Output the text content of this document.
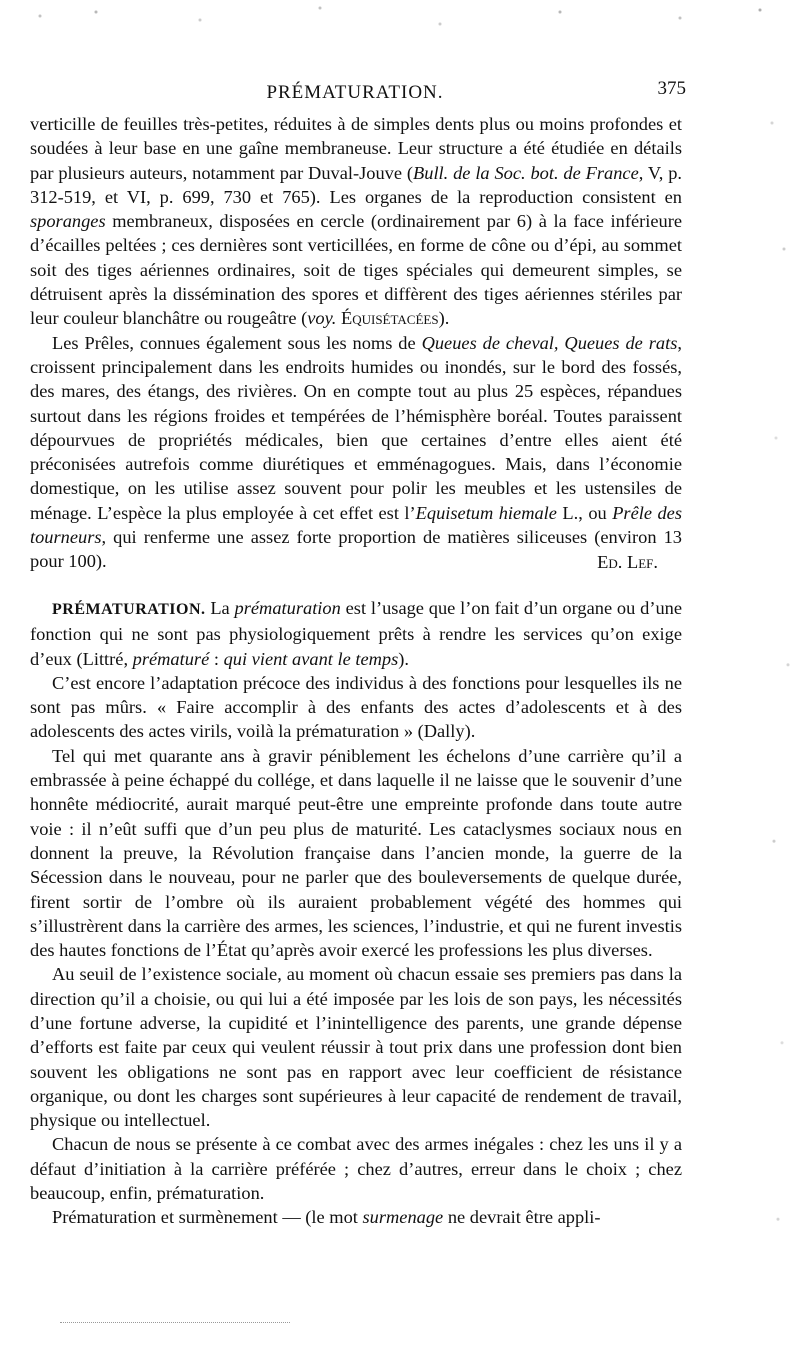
PRÉMATURATION.	375

verticille de feuilles très-petites, réduites à de simples dents plus ou moins profondes et soudées à leur base en une gaîne membraneuse. Leur structure a été étudiée en détails par plusieurs auteurs, notamment par Duval-Jouve (Bull. de la Soc. bot. de France, V, p. 312-519, et VI, p. 699, 730 et 765). Les organes de la reproduction consistent en sporanges membraneux, disposées en cercle (ordinairement par 6) à la face inférieure d’écailles peltées ; ces dernières sont verticillées, en forme de cône ou d’épi, au sommet soit des tiges aériennes ordinaires, soit de tiges spéciales qui demeurent simples, se détruisent après la dissémination des spores et diffèrent des tiges aériennes stériles par leur couleur blanchâtre ou rougeâtre (voy. Équisétacées).

Les Prêles, connues également sous les noms de Queues de cheval, Queues de rats, croissent principalement dans les endroits humides ou inondés, sur le bord des fossés, des mares, des étangs, des rivières. On en compte tout au plus 25 espèces, répandues surtout dans les régions froides et tempérées de l’hémisphère boréal. Toutes paraissent dépourvues de propriétés médicales, bien que certaines d’entre elles aient été préconisées autrefois comme diurétiques et emménagogues. Mais, dans l’économie domestique, on les utilise assez souvent pour polir les meubles et les ustensiles de ménage. L’espèce la plus employée à cet effet est l’Equisetum hiemale L., ou Prêle des tourneurs, qui renferme une assez forte proportion de matières siliceuses (environ 13 pour 100).	Ed. Lef.

PRÉMATURATION. La prématuration est l’usage que l’on fait d’un organe ou d’une fonction qui ne sont pas physiologiquement prêts à rendre les services qu’on exige d’eux (Littré, prématuré : qui vient avant le temps).

C’est encore l’adaptation précoce des individus à des fonctions pour lesquelles ils ne sont pas mûrs. « Faire accomplir à des enfants des actes d’adolescents et à des adolescents des actes virils, voilà la prématuration » (Dally).

Tel qui met quarante ans à gravir péniblement les échelons d’une carrière qu’il a embrassée à peine échappé du collége, et dans laquelle il ne laisse que le souvenir d’une honnête médiocrité, aurait marqué peut-être une empreinte profonde dans toute autre voie : il n’eût suffi que d’un peu plus de maturité. Les cataclysmes sociaux nous en donnent la preuve, la Révolution française dans l’ancien monde, la guerre de la Sécession dans le nouveau, pour ne parler que des bouleversements de quelque durée, firent sortir de l’ombre où ils auraient probablement végété des hommes qui s’illustrèrent dans la carrière des armes, les sciences, l’industrie, et qui ne furent investis des hautes fonctions de l’État qu’après avoir exercé les professions les plus diverses.

Au seuil de l’existence sociale, au moment où chacun essaie ses premiers pas dans la direction qu’il a choisie, ou qui lui a été imposée par les lois de son pays, les nécessités d’une fortune adverse, la cupidité et l’inintelligence des parents, une grande dépense d’efforts est faite par ceux qui veulent réussir à tout prix dans une profession dont bien souvent les obligations ne sont pas en rapport avec leur coefficient de résistance organique, ou dont les charges sont supérieures à leur capacité de rendement de travail, physique ou intellectuel.

Chacun de nous se présente à ce combat avec des armes inégales : chez les uns il y a défaut d’initiation à la carrière préférée ; chez d’autres, erreur dans le choix ; chez beaucoup, enfin, prématuration.

Prématuration et surmènement — (le mot surmenage ne devrait être appli-
